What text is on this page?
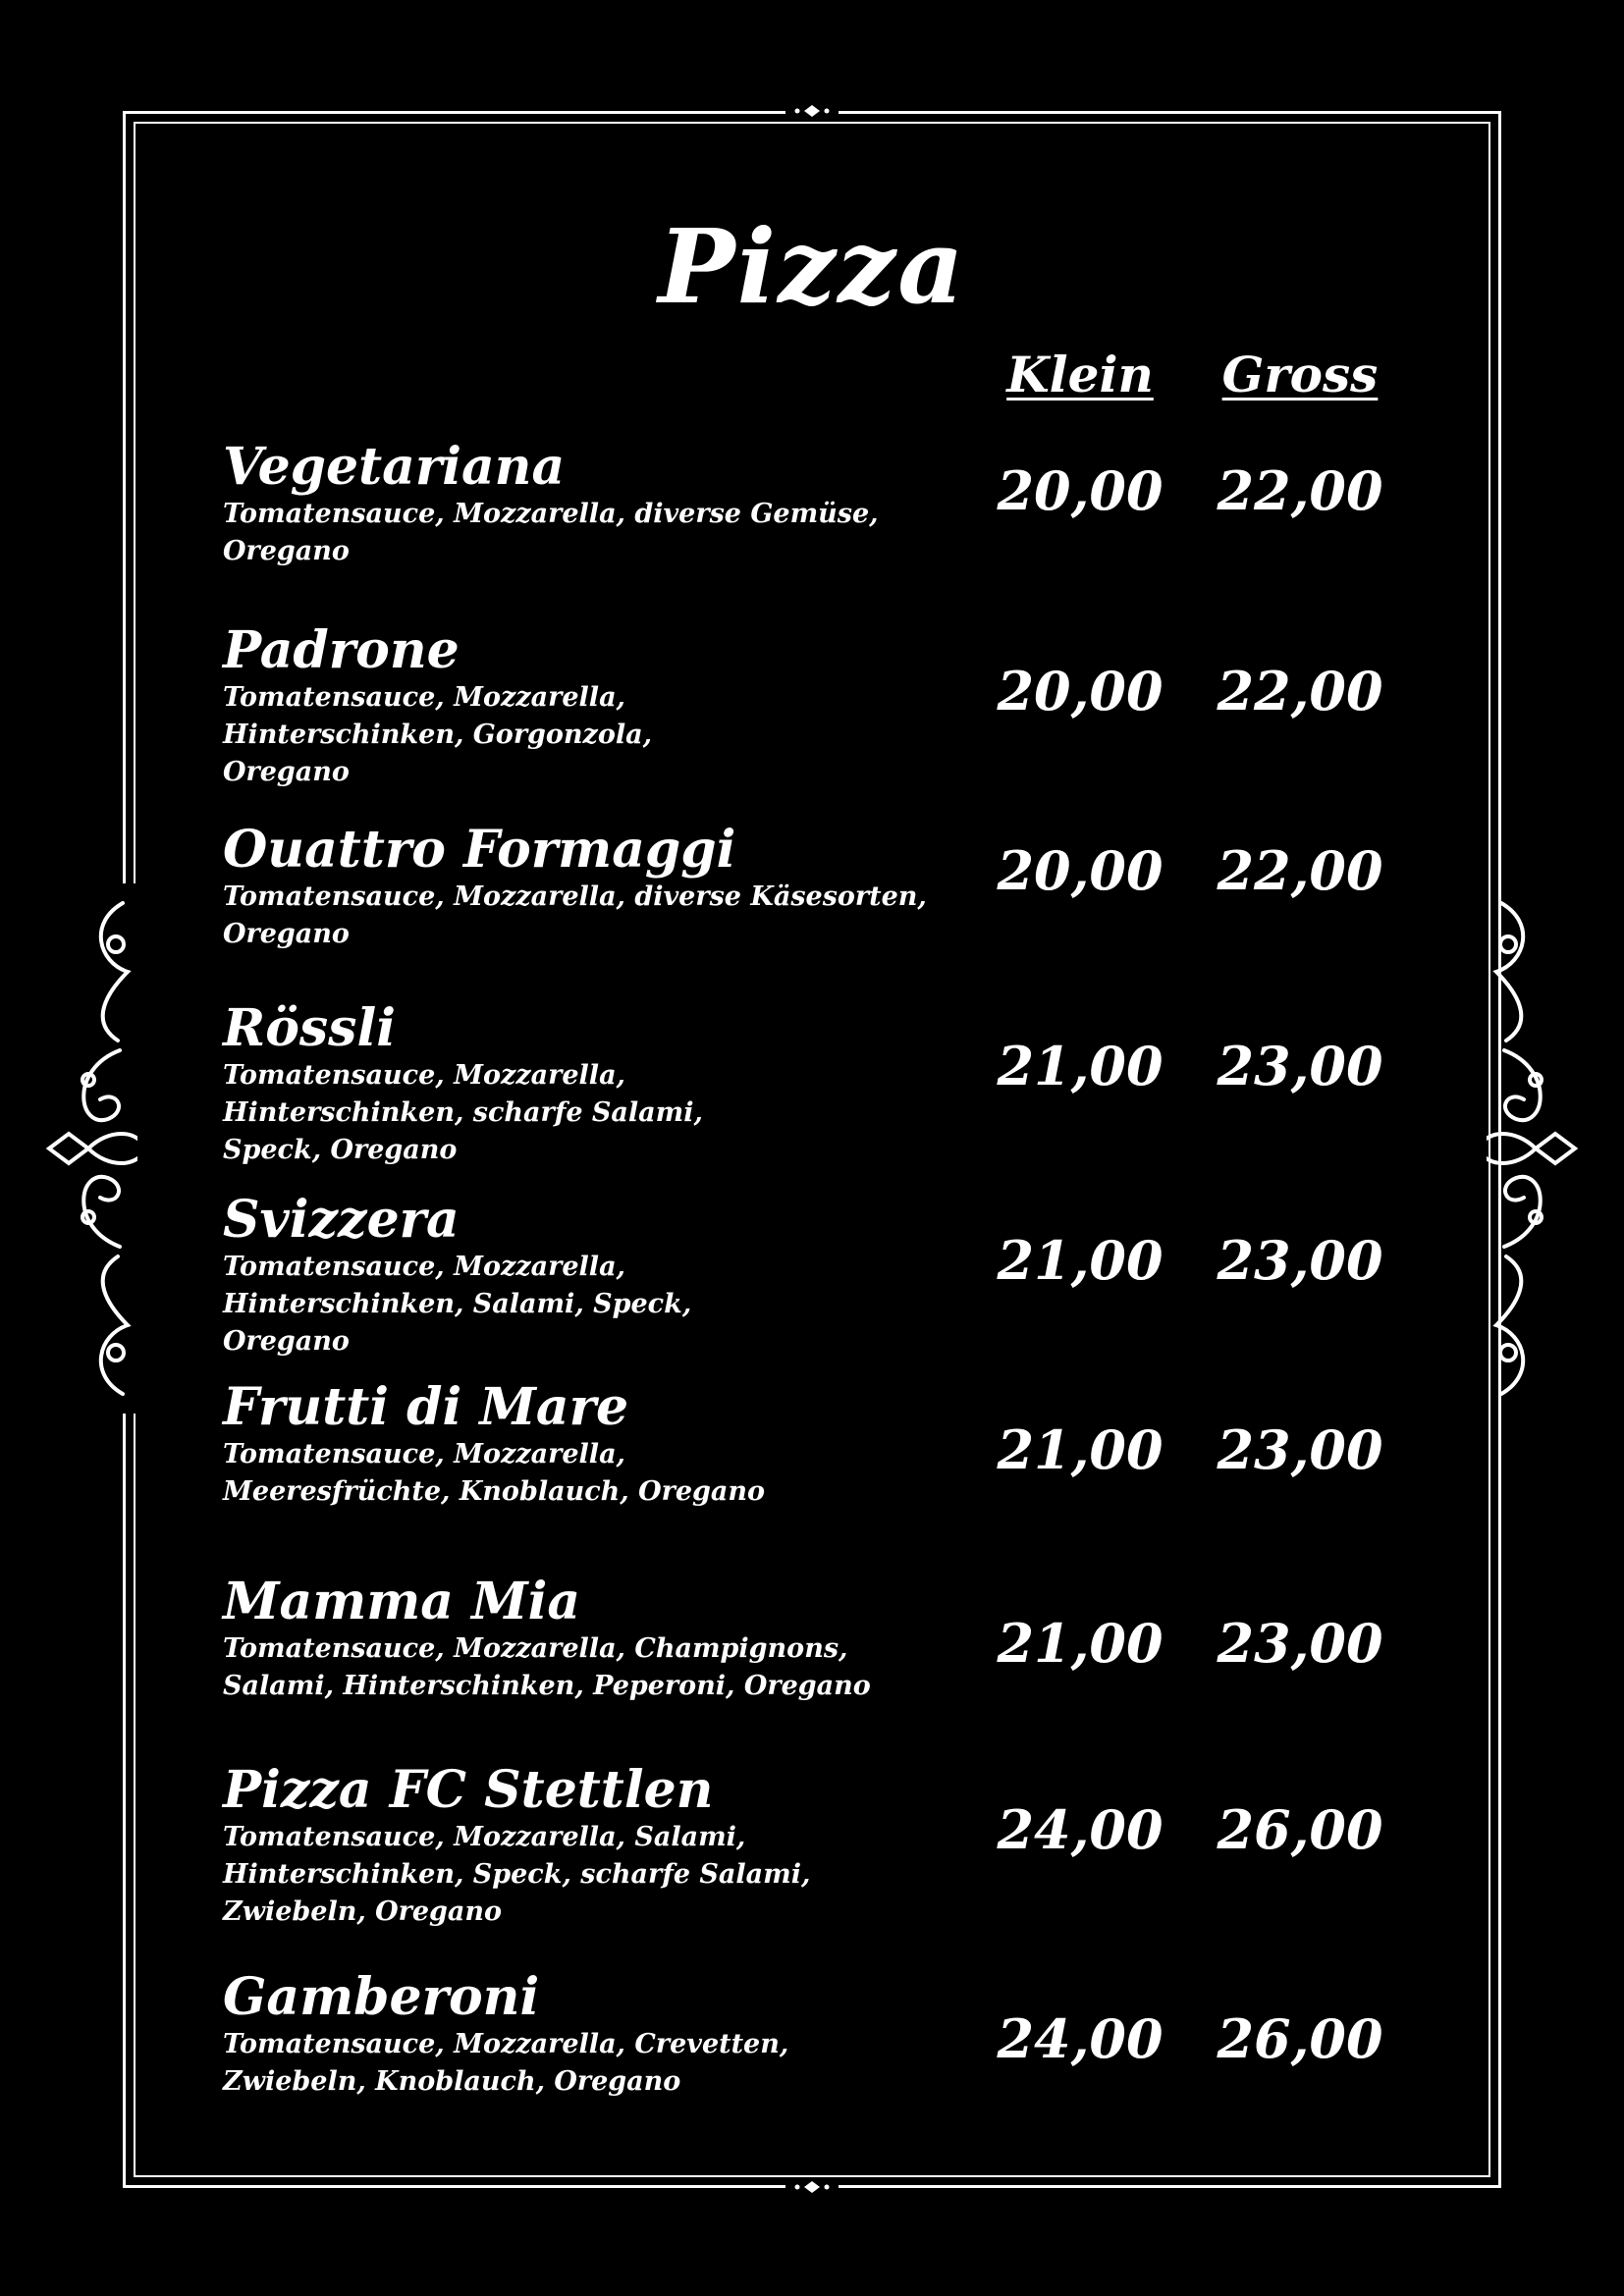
Pizza
Klein	Gross
Vegetariana
Tomatensauce, Mozzarella, diverse Gemüse, Oregano
20,00 22,00
Padrone
Tomatensauce, Mozzarella, Hinterschinken, Gorgonzola, Oregano
20,00 22,00
Ouattro Formaggi
Tomatensauce, Mozzarella, diverse Käsesorten, Oregano
20,00 22,00
Rössli
Tomatensauce, Mozzarella, Hinterschinken, scharfe Salami, Speck, Oregano
21,00 23,00
Svizzera
Tomatensauce, Mozzarella, Hinterschinken, Salami, Speck, Oregano
21,00 23,00
Frutti di Mare
Tomatensauce, Mozzarella, Meeresfrüchte, Knoblauch, Oregano
21,00 23,00
Mamma Mia
Tomatensauce, Mozzarella, Champignons, Salami, Hinterschinken, Peperoni, Oregano
21,00 23,00
Pizza FC Stettlen
Tomatensauce, Mozzarella, Salami, Hinterschinken, Speck, scharfe Salami, Zwiebeln, Oregano
24,00 26,00
Gamberoni
Tomatensauce, Mozzarella, Crevetten, Zwiebeln, Knoblauch, Oregano
24,00 26,00
